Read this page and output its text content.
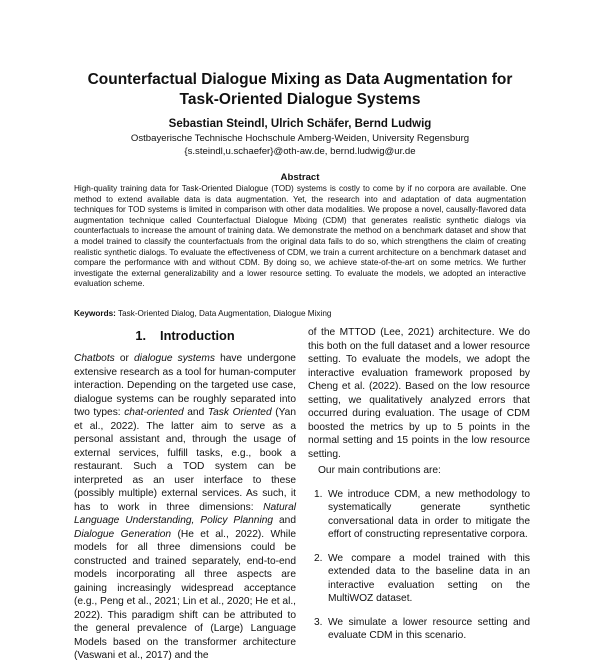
Counterfactual Dialogue Mixing as Data Augmentation for
Task-Oriented Dialogue Systems
Sebastian Steindl, Ulrich Schäfer, Bernd Ludwig
Ostbayerische Technische Hochschule Amberg-Weiden, University Regensburg
{s.steindl,u.schaefer}@oth-aw.de, bernd.ludwig@ur.de
Abstract
High-quality training data for Task-Oriented Dialogue (TOD) systems is costly to come by if no corpora are available. One method to extend available data is data augmentation. Yet, the research into and adaptation of data augmentation techniques for TOD systems is limited in comparison with other data modalities. We propose a novel, causally-flavored data augmentation technique called Counterfactual Dialogue Mixing (CDM) that generates realistic synthetic dialogs via counterfactuals to increase the amount of training data. We demonstrate the method on a benchmark dataset and show that a model trained to classify the counterfactuals from the original data fails to do so, which strengthens the claim of creating realistic synthetic dialogs. To evaluate the effectiveness of CDM, we train a current architecture on a benchmark dataset and compare the performance with and without CDM. By doing so, we achieve state-of-the-art on some metrics. We further investigate the external generalizability and a lower resource setting. To evaluate the models, we adopted an interactive evaluation scheme.
Keywords: Task-Oriented Dialog, Data Augmentation, Dialogue Mixing
1. Introduction

Chatbots or dialogue systems have undergone extensive research as a tool for human-computer interaction. Depending on the targeted use case, dialogue systems can be roughly separated into two types: chat-oriented and Task Oriented (Yan et al., 2022). The latter aim to serve as a personal assistant and, through the usage of external services, fulfill tasks, e.g., book a restaurant. Such a TOD system can be interpreted as an user interface to these (possibly multiple) external services. As such, it has to work in three dimensions: Natural Language Understanding, Policy Planning and Dialogue Generation (He et al., 2022). While models for all three dimensions could be constructed and trained separately, end-to-end models incorporating all three aspects are gaining increasingly widespread acceptance (e.g., Peng et al., 2021; Lin et al., 2020; He et al., 2022). This paradigm shift can be attributed to the general prevalence of (Large) Language Models based on the transformer architecture (Vaswani et al., 2017) and the

of the MTTOD (Lee, 2021) architecture. We do this both on the full dataset and a lower resource setting. To evaluate the models, we adopt the interactive evaluation framework proposed by Cheng et al. (2022). Based on the low resource setting, we qualitatively analyzed errors that occurred during evaluation. The usage of CDM boosted the metrics by up to 5 points in the normal setting and 15 points in the low resource setting.

Our main contributions are:

1. We introduce CDM, a new methodology to systematically generate synthetic conversational data in order to mitigate the effort of constructing representative corpora.
2. We compare a model trained with this extended data to the baseline data in an interactive evaluation setting on the MultiWOZ dataset.
3. We simulate a lower resource setting and evaluate CDM in this scenario.
